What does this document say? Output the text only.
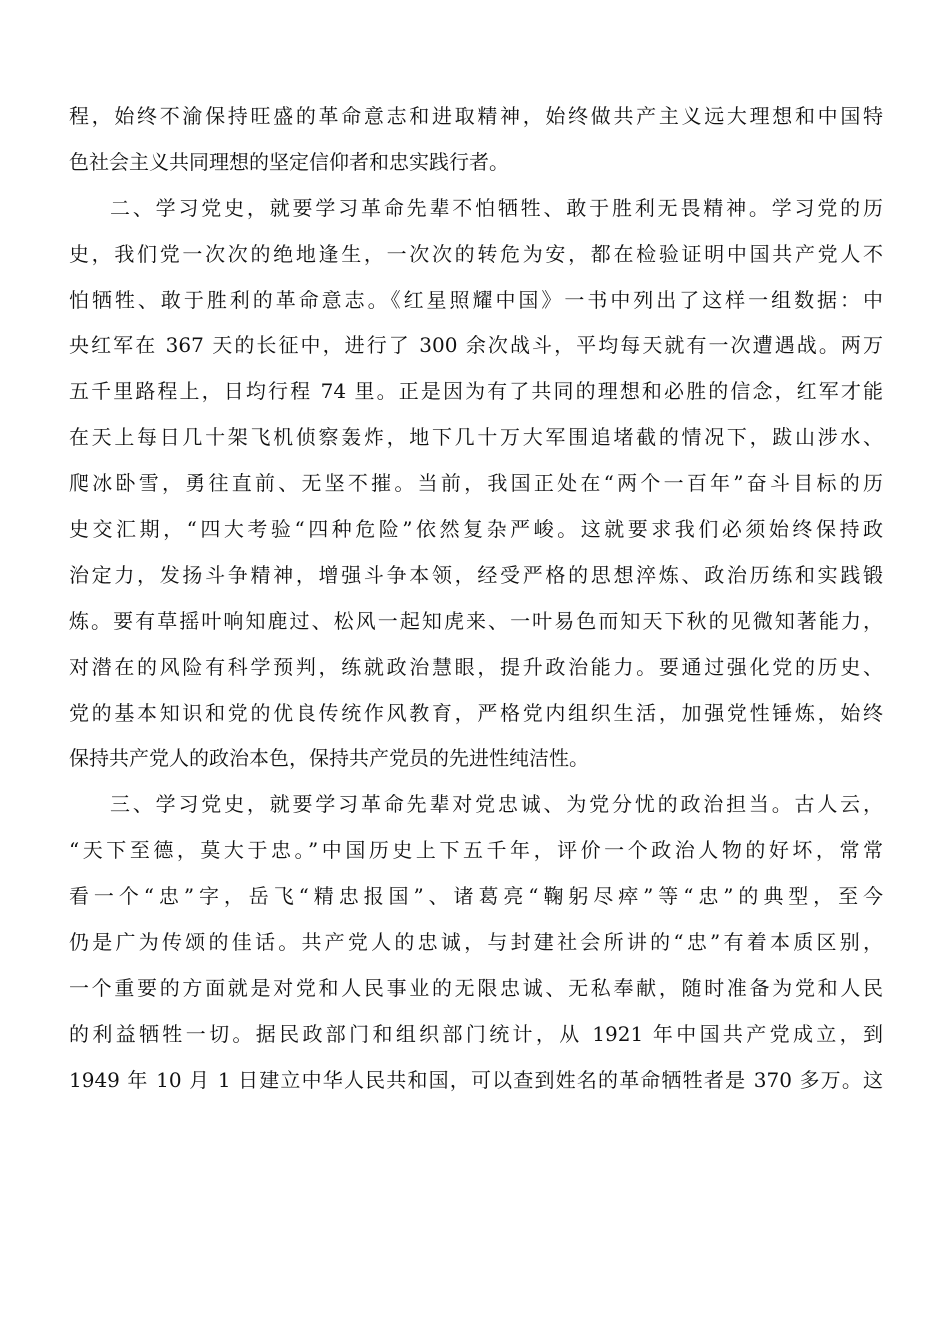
程，始终不渝保持旺盛的革命意志和进取精神，始终做共产主义远大理想和中国特
色社会主义共同理想的坚定信仰者和忠实践行者。
二、学习党史，就要学习革命先辈不怕牺牲、敢于胜利无畏精神。学习党的历
史，我们党一次次的绝地逢生，一次次的转危为安，都在检验证明中国共产党人不
怕牺牲、敢于胜利的革命意志。《红星照耀中国》一书中列出了这样一组数据：中
央红军在 367 天的长征中，进行了 300 余次战斗，平均每天就有一次遭遇战。两万
五千里路程上，日均行程 74 里。正是因为有了共同的理想和必胜的信念，红军才能
在天上每日几十架飞机侦察轰炸，地下几十万大军围追堵截的情况下，跋山涉水、
爬冰卧雪，勇往直前、无坚不摧。当前，我国正处在“两个一百年”奋斗目标的历
史交汇期，“四大考验“四种危险”依然复杂严峻。这就要求我们必须始终保持政
治定力，发扬斗争精神，增强斗争本领，经受严格的思想淬炼、政治历练和实践锻
炼。要有草摇叶响知鹿过、松风一起知虎来、一叶易色而知天下秋的见微知著能力，
对潜在的风险有科学预判，练就政治慧眼，提升政治能力。要通过强化党的历史、
党的基本知识和党的优良传统作风教育，严格党内组织生活，加强党性锤炼，始终
保持共产党人的政治本色，保持共产党员的先进性纯洁性。
三、学习党史，就要学习革命先辈对党忠诚、为党分忧的政治担当。古人云，
“天下至德，莫大于忠。”中国历史上下五千年，评价一个政治人物的好坏，常常
看一个“忠”字，岳飞“精忠报国”、诸葛亮“鞠躬尽瘁”等“忠”的典型，至今
仍是广为传颂的佳话。共产党人的忠诚，与封建社会所讲的“忠”有着本质区别，
一个重要的方面就是对党和人民事业的无限忠诚、无私奉献，随时准备为党和人民
的利益牺牲一切。据民政部门和组织部门统计，从 1921 年中国共产党成立，到
1949 年 10 月 1 日建立中华人民共和国，可以查到姓名的革命牺牲者是 370 多万。这
